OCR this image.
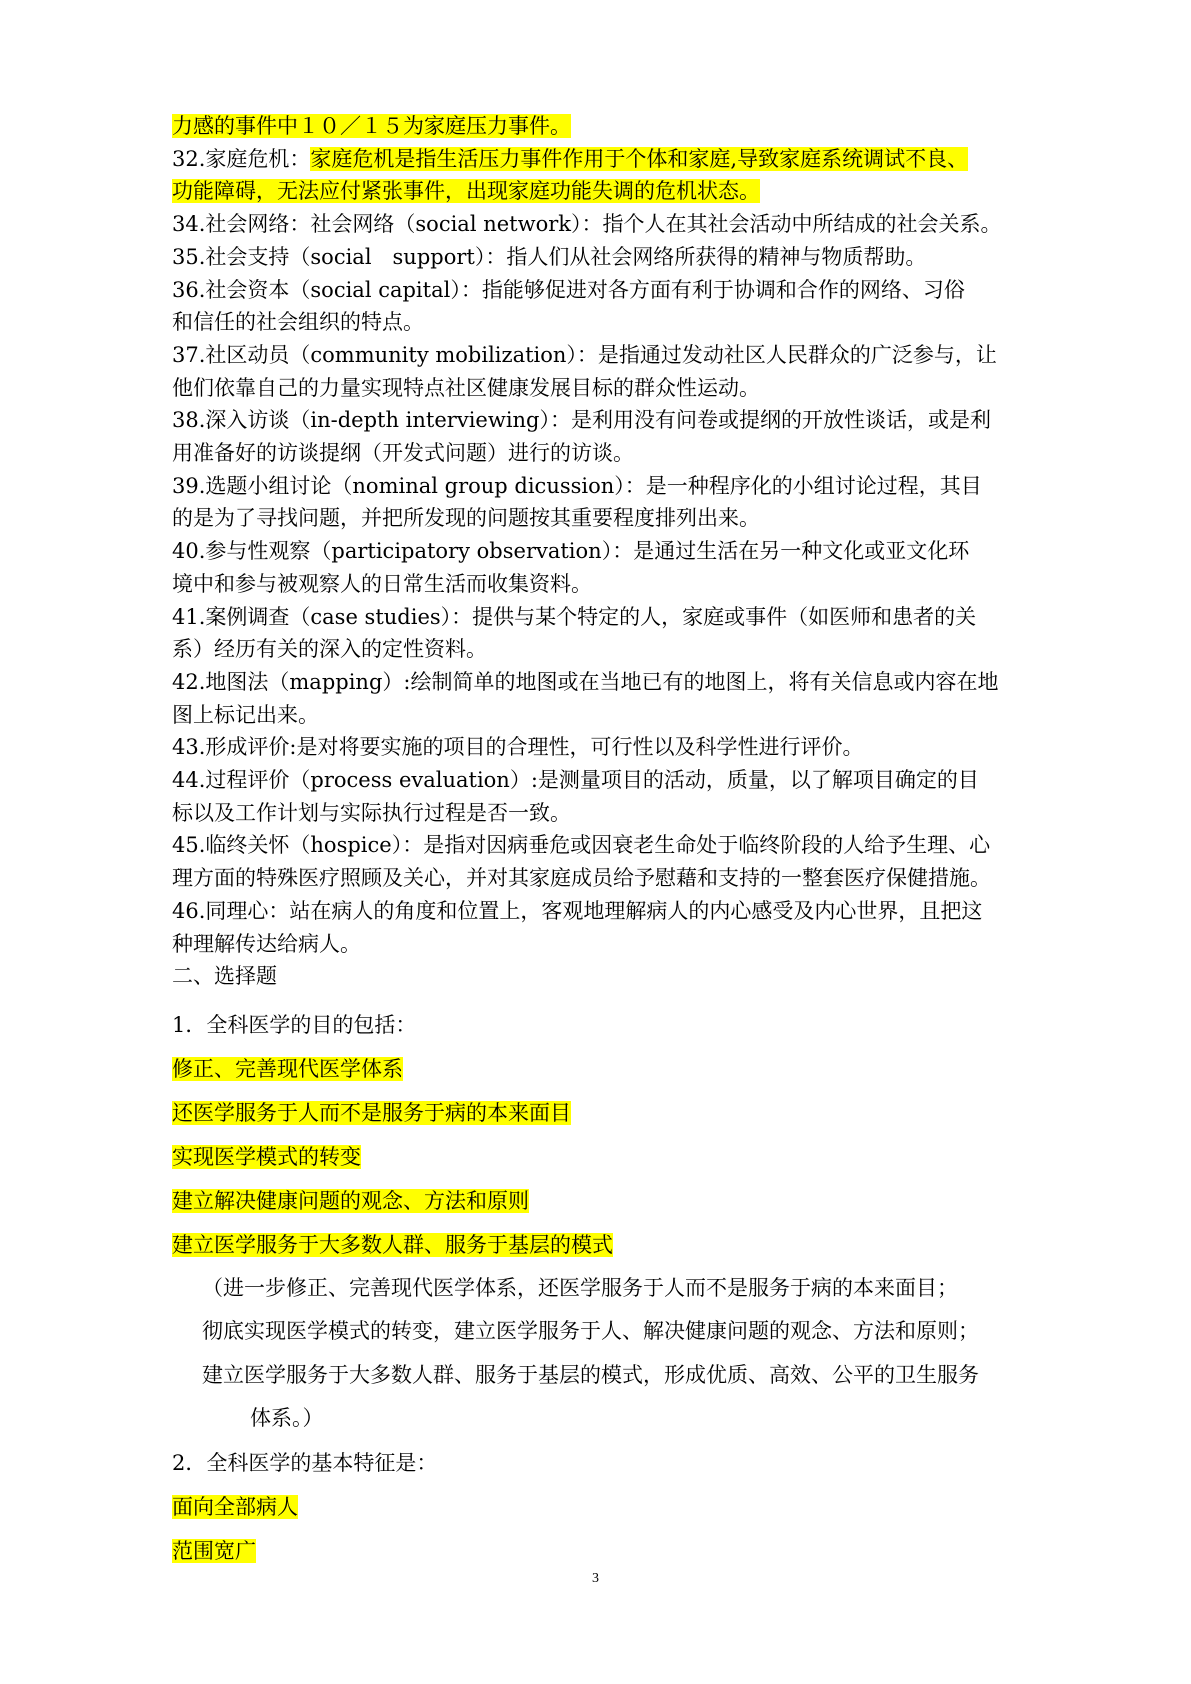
力感的事件中１０／１５为家庭压力事件。
32.家庭危机：家庭危机是指生活压力事件作用于个体和家庭,导致家庭系统调试不良、
功能障碍，无法应付紧张事件，出现家庭功能失调的危机状态。
34.社会网络：社会网络（social network）：指个人在其社会活动中所结成的社会关系。
35.社会支持（social　support）：指人们从社会网络所获得的精神与物质帮助。
36.社会资本（social capital）：指能够促进对各方面有利于协调和合作的网络、习俗
和信任的社会组织的特点。
37.社区动员（community mobilization）：是指通过发动社区人民群众的广泛参与，让
他们依靠自己的力量实现特点社区健康发展目标的群众性运动。
38.深入访谈（in-depth interviewing）：是利用没有问卷或提纲的开放性谈话，或是利
用准备好的访谈提纲（开发式问题）进行的访谈。
39.选题小组讨论（nominal group dicussion）：是一种程序化的小组讨论过程，其目
的是为了寻找问题，并把所发现的问题按其重要程度排列出来。
40.参与性观察（participatory observation）：是通过生活在另一种文化或亚文化环
境中和参与被观察人的日常生活而收集资料。
41.案例调查（case studies）：提供与某个特定的人，家庭或事件（如医师和患者的关
系）经历有关的深入的定性资料。
42.地图法（mapping）:绘制简单的地图或在当地已有的地图上，将有关信息或内容在地
图上标记出来。
43.形成评价:是对将要实施的项目的合理性，可行性以及科学性进行评价。
44.过程评价（process evaluation）:是测量项目的活动，质量，以了解项目确定的目
标以及工作计划与实际执行过程是否一致。
45.临终关怀（hospice）：是指对因病垂危或因衰老生命处于临终阶段的人给予生理、心
理方面的特殊医疗照顾及关心，并对其家庭成员给予慰藉和支持的一整套医疗保健措施。
46.同理心：站在病人的角度和位置上，客观地理解病人的内心感受及内心世界，且把这
种理解传达给病人。
二、选择题
1．全科医学的目的包括：
修正、完善现代医学体系
还医学服务于人而不是服务于病的本来面目
实现医学模式的转变
建立解决健康问题的观念、方法和原则
建立医学服务于大多数人群、服务于基层的模式
（进一步修正、完善现代医学体系，还医学服务于人而不是服务于病的本来面目；
彻底实现医学模式的转变，建立医学服务于人、解决健康问题的观念、方法和原则；
建立医学服务于大多数人群、服务于基层的模式，形成优质、高效、公平的卫生服务
体系。）
2．全科医学的基本特征是：
面向全部病人
范围宽广
3
